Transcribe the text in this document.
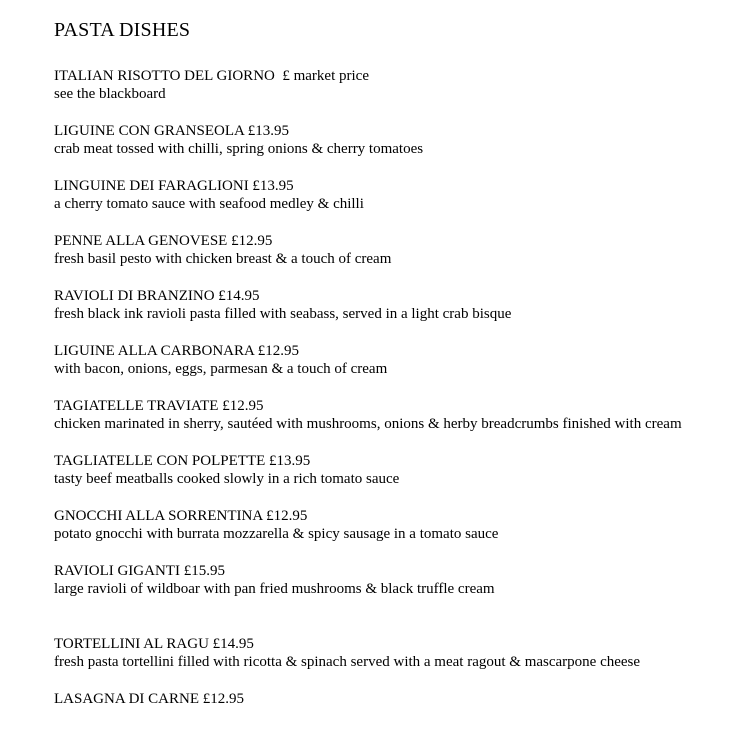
PASTA DISHES
ITALIAN RISOTTO DEL GIORNO  £ market price
see the blackboard
LIGUINE CON GRANSEOLA £13.95
crab meat tossed with chilli, spring onions & cherry tomatoes
LINGUINE DEI FARAGLIONI £13.95
a cherry tomato sauce with seafood medley & chilli
PENNE ALLA GENOVESE £12.95
fresh basil pesto with chicken breast & a touch of cream
RAVIOLI DI BRANZINO £14.95
fresh black ink ravioli pasta filled with seabass, served in a light crab bisque
LIGUINE ALLA CARBONARA £12.95
with bacon, onions, eggs, parmesan & a touch of cream
TAGIATELLE TRAVIATE £12.95
chicken marinated in sherry, sautéed with mushrooms, onions & herby breadcrumbs finished with cream
TAGLIATELLE CON POLPETTE £13.95
tasty beef meatballs cooked slowly in a rich tomato sauce
GNOCCHI ALLA SORRENTINA £12.95
potato gnocchi with burrata mozzarella & spicy sausage in a tomato sauce
RAVIOLI GIGANTI £15.95
large ravioli of wildboar with pan fried mushrooms & black truffle cream
TORTELLINI AL RAGU £14.95
fresh pasta tortellini filled with ricotta & spinach served with a meat ragout & mascarpone cheese
LASAGNA DI CARNE £12.95
